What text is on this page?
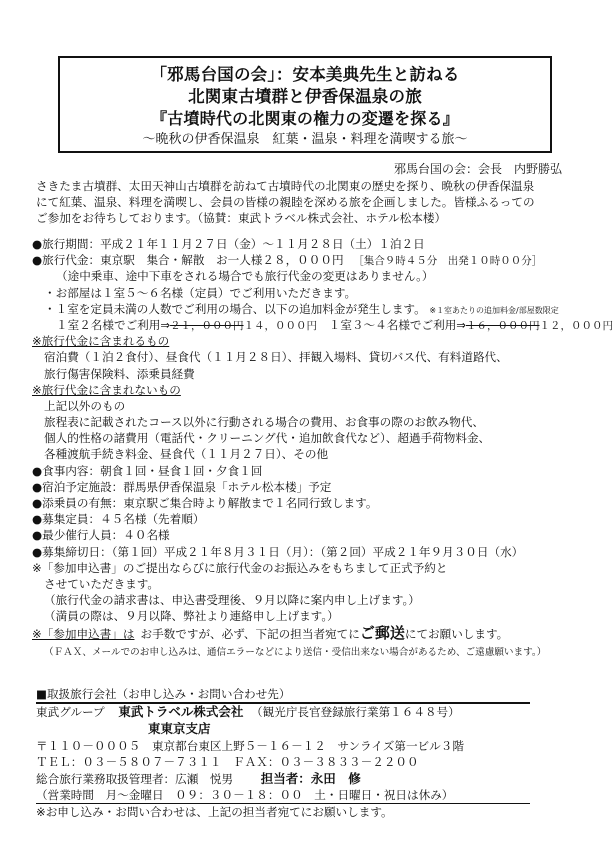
「邪馬台国の会」：安本美典先生と訪ねる
北関東古墳群と伊香保温泉の旅
『古墳時代の北関東の権力の変遷を探る』
～晩秋の伊香保温泉　紅葉・温泉・料理を満喫する旅～
邪馬台国の会：会長　内野勝弘
さきたま古墳群、太田天神山古墳群を訪ねて古墳時代の北関東の歴史を探り、晩秋の伊香保温泉
にて紅葉、温泉、料理を満喫し、会員の皆様の親睦を深める旅を企画しました。皆様ふるっての
ご参加をお待ちしております。（協賛：東武トラベル株式会社、ホテル松本楼）
●旅行期間：平成２１年１１月２７日（金）～１１月２８日（土）１泊２日
●旅行代金：東京駅　集合・解散　お一人様２８，０００円 ［集合９時４５分　出発１０時００分］
（途中乗車、途中下車をされる場合でも旅行代金の変更はありません。）
・お部屋は１室５～６名様（定員）でご利用いただきます。
・１室を定員未満の人数でご利用の場合、以下の追加料金が発生します。 ※１室あたりの追加料金/部屋数限定
１室２名様でご利用⇒２１，０００円１４，０００円 １室３～４名様でご利用⇒１６，０００円１２，０００円
※旅行代金に含まれるもの
宿泊費（１泊２食付）、昼食代（１１月２８日）、拝観入場料、貸切バス代、有料道路代、
旅行傷害保険料、添乗員経費
※旅行代金に含まれないもの
上記以外のもの
旅程表に記載されたコース以外に行動される場合の費用、お食事の際のお飲み物代、
個人的性格の諸費用（電話代・クリーニング代・追加飲食代など）、超過手荷物料金、
各種渡航手続き料金、昼食代（１１月２７日）、その他
●食事内容：朝食１回・昼食１回・夕食１回
●宿泊予定施設：群馬県伊香保温泉「ホテル松本楼」予定
●添乗員の有無：東京駅ご集合時より解散まで１名同行致します。
●募集定員：４５名様（先着順）
●最少催行人員：４０名様
●募集締切日：（第１回）平成２１年８月３１日（月）：（第２回）平成２１年９月３０日（水）
※「参加申込書」のご提出ならびに旅行代金のお振込みをもちまして正式予約と
させていただきます。
（旅行代金の請求書は、申込書受理後、９月以降に案内申し上げます。）
（満員の際は、９月以降、弊社より連絡申し上げます。）
※「参加申込書」は お手数ですが、必ず、下記の担当者宛てにご郵送にてお願いします。
（ＦＡＸ、メールでのお申し込みは、通信エラーなどにより送信・受信出来ない場合があるため、ご遠慮願います。）
■取扱旅行会社（お申し込み・お問い合わせ先）
東武グループ 東武トラベル株式会社 （観光庁長官登録旅行業第１６４８号）
東東京支店
〒１１０－０００５　東京都台東区上野５－１６－１２　サンライズ第一ビル３階
ＴＥＬ：０３－５８０７－７３１１　ＦＡＸ：０３－３８３３－２２００
総合旅行業務取扱管理者：広瀬　悦男 担当者：永田　修
（営業時間　月～金曜日　０９：３０－１８：００　土・日曜日・祝日は休み）
※お申し込み・お問い合わせは、上記の担当者宛てにお願いします。
